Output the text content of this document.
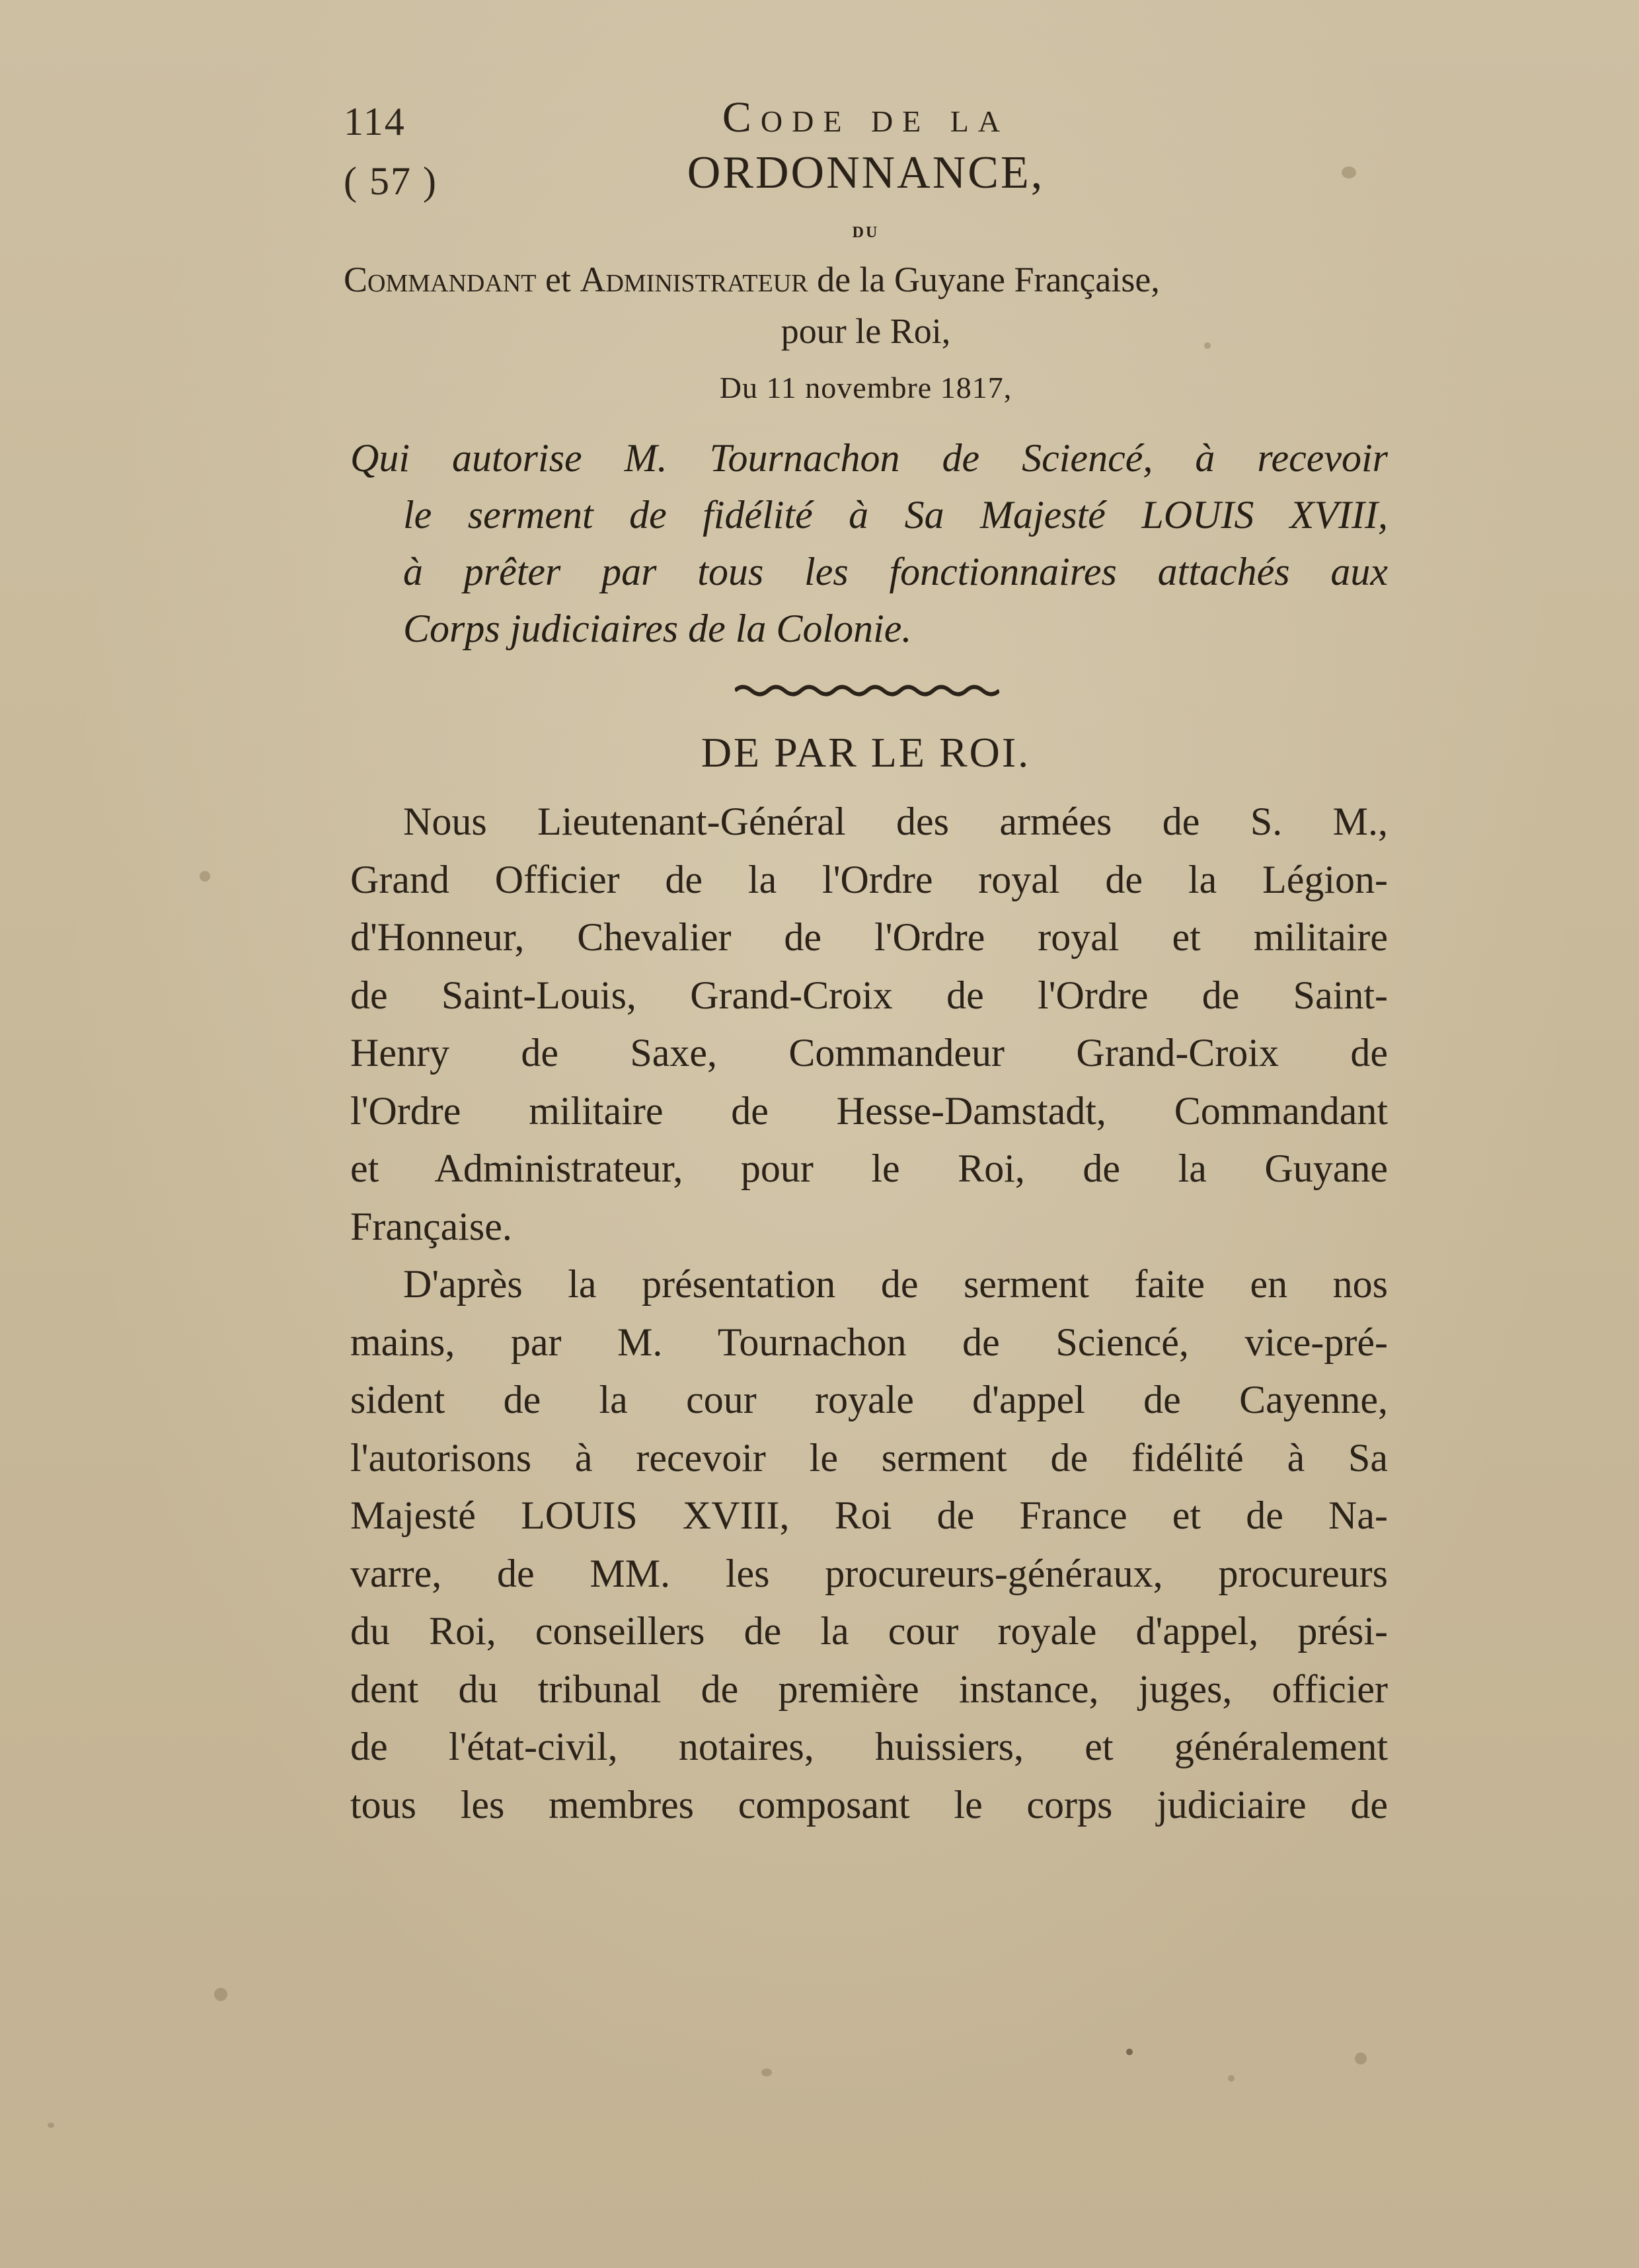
114
( 57 )
Code de la
ORDONNANCE,
du
Commandant et Administrateur de la Guyane Française,
pour le Roi,
Du 11 novembre 1817,
Qui autorise M. Tournachon de Sciencé, à recevoir
le serment de fidélité à Sa Majesté LOUIS XVIII,
à prêter par tous les fonctionnaires attachés aux
Corps judiciaires de la Colonie.
DE PAR LE ROI.
Nous Lieutenant-Général des armées de S. M.,
Grand Officier de la l'Ordre royal de la Légion-
d'Honneur, Chevalier de l'Ordre royal et militaire
de Saint-Louis, Grand-Croix de l'Ordre de Saint-
Henry de Saxe, Commandeur Grand-Croix de
l'Ordre militaire de Hesse-Damstadt, Commandant
et Administrateur, pour le Roi, de la Guyane
Française.
D'après la présentation de serment faite en nos
mains, par M. Tournachon de Sciencé, vice-pré-
sident de la cour royale d'appel de Cayenne,
l'autorisons à recevoir le serment de fidélité à Sa
Majesté LOUIS XVIII, Roi de France et de Na-
varre, de MM. les procureurs-généraux, procureurs
du Roi, conseillers de la cour royale d'appel, prési-
dent du tribunal de première instance, juges, officier
de l'état-civil, notaires, huissiers, et généralement
tous les membres composant le corps judiciaire de
